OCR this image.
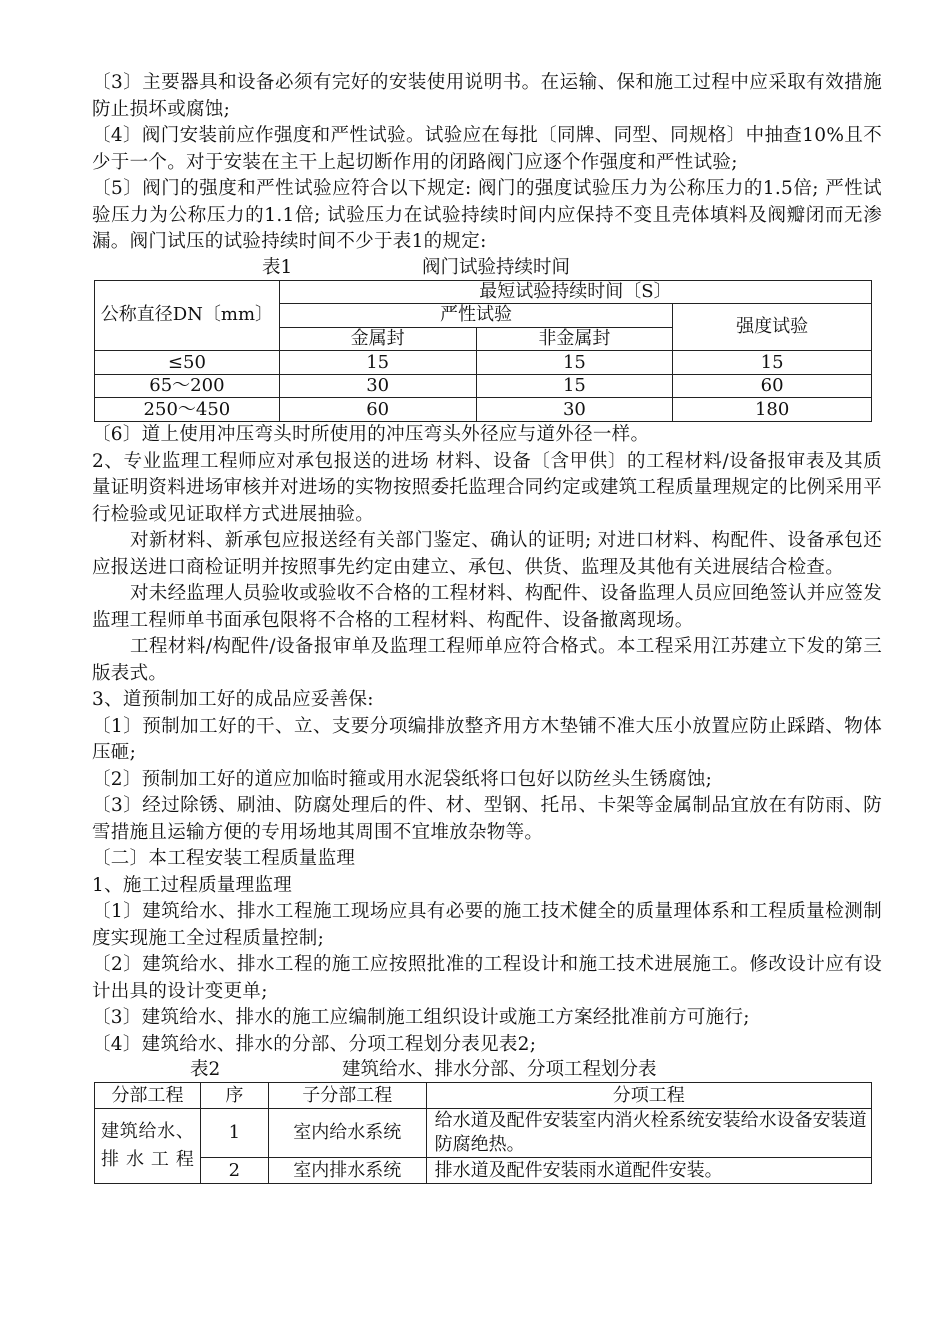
〔3〕主要器具和设备必须有完好的安装使用说明书。在运输、保和施工过程中应采取有效措施防止损坏或腐蚀;

〔4〕阀门安装前应作强度和严性试验。试验应在每批〔同牌、同型、同规格〕中抽查10%且不少于一个。对于安装在主干上起切断作用的闭路阀门应逐个作强度和严性试验;

〔5〕阀门的强度和严性试验应符合以下规定: 阀门的强度试验压力为公称压力的1.5倍; 严性试验压力为公称压力的1.1倍; 试验压力在试验持续时间内应保持不变且壳体填料及阀瓣闭而无渗漏。阀门试压的试验持续时间不少于表1的规定:

表1	阀门试验持续时间
公称直径DN〔mm〕	最短试验持续时间〔S〕		
	严性试验		强度试验
	金属封	非金属封	
≤50	15	15	15
65～200	30	15	60
250～450	60	30	180

〔6〕道上使用冲压弯头时所使用的冲压弯头外径应与道外径一样。

2、专业监理工程师应对承包报送的进场 材料、设备〔含甲供〕的工程材料/设备报审表及其质量证明资料进场审核并对进场的实物按照委托监理合同约定或建筑工程质量理规定的比例采用平行检验或见证取样方式进展抽验。

对新材料、新承包应报送经有关部门鉴定、确认的证明; 对进口材料、构配件、设备承包还应报送进口商检证明并按照事先约定由建立、承包、供货、监理及其他有关进展结合检查。

对未经监理人员验收或验收不合格的工程材料、构配件、设备监理人员应回绝签认并应签发监理工程师单书面承包限将不合格的工程材料、构配件、设备撤离现场。

工程材料/构配件/设备报审单及监理工程师单应符合格式。本工程采用江苏建立下发的第三版表式。

3、道预制加工好的成品应妥善保:

〔1〕预制加工好的干、立、支要分项编排放整齐用方木垫铺不准大压小放置应防止踩踏、物体压砸;

〔2〕预制加工好的道应加临时箍或用水泥袋纸将口包好以防丝头生锈腐蚀;

〔3〕经过除锈、刷油、防腐处理后的件、材、型钢、托吊、卡架等金属制品宜放在有防雨、防雪措施且运输方便的专用场地其周围不宜堆放杂物等。

〔二〕本工程安装工程质量监理

1、施工过程质量理监理

〔1〕建筑给水、排水工程施工现场应具有必要的施工技术健全的质量理体系和工程质量检测制度实现施工全过程质量控制;

〔2〕建筑给水、排水工程的施工应按照批准的工程设计和施工技术进展施工。修改设计应有设计出具的设计变更单;

〔3〕建筑给水、排水的施工应编制施工组织设计或施工方案经批准前方可施行;

〔4〕建筑给水、排水的分部、分项工程划分表见表2;

表2	建筑给水、排水分部、分项工程划分表
分部工程	序	子分部工程	分项工程
建筑给水、排水工程	1	室内给水系统	给水道及配件安装室内消火栓系统安装给水设备安装道防腐绝热。
	2	室内排水系统	排水道及配件安装雨水道配件安装。
